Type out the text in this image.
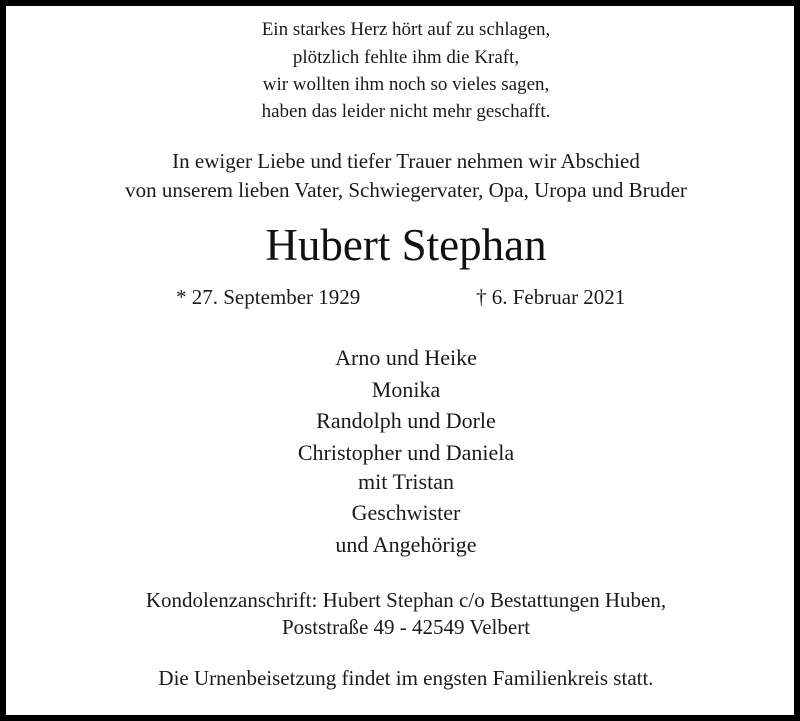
Ein starkes Herz hört auf zu schlagen,
plötzlich fehlte ihm die Kraft,
wir wollten ihm noch so vieles sagen,
haben das leider nicht mehr geschafft.
In ewiger Liebe und tiefer Trauer nehmen wir Abschied
von unserem lieben Vater, Schwiegervater, Opa, Uropa und Bruder
Hubert Stephan
* 27. September 1929	† 6. Februar 2021
Arno und Heike
Monika
Randolph und Dorle
Christopher und Daniela
mit Tristan
Geschwister
und Angehörige
Kondolenzanschrift: Hubert Stephan c/o Bestattungen Huben,
Poststraße 49 - 42549 Velbert
Die Urnenbeisetzung findet im engsten Familienkreis statt.
